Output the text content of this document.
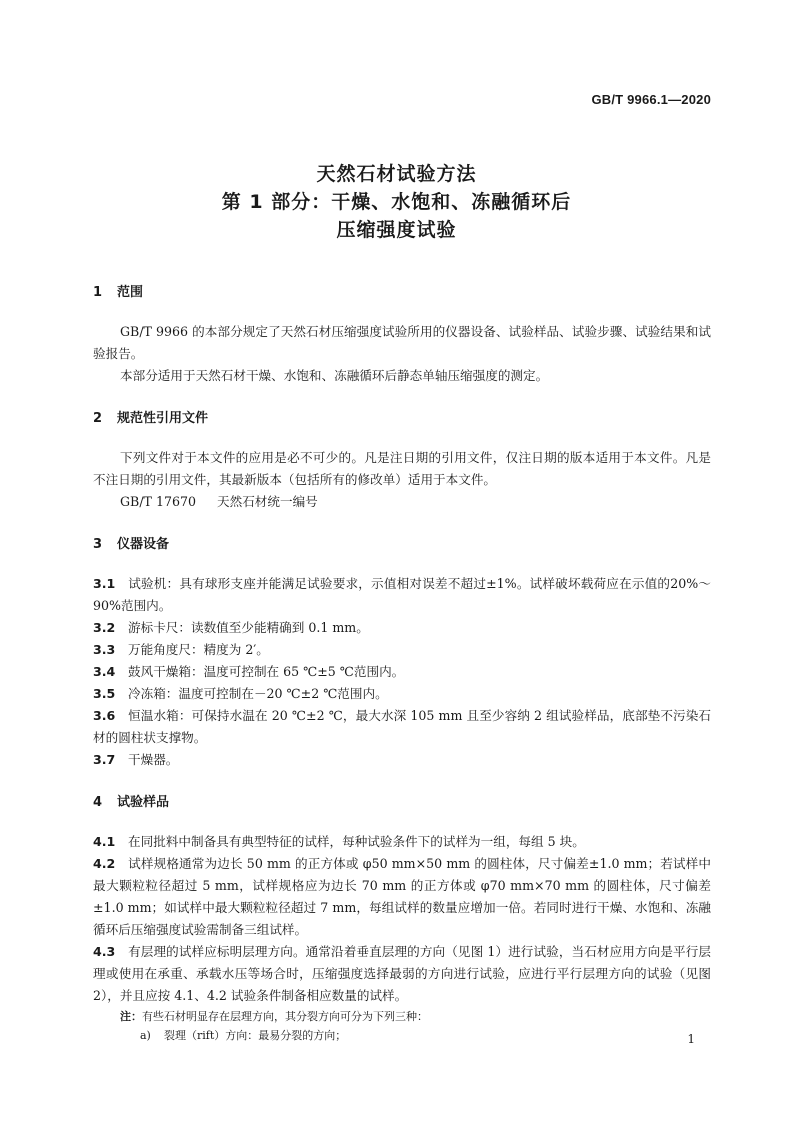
GB/T 9966.1—2020
天然石材试验方法
第 1 部分：干燥、水饱和、冻融循环后
压缩强度试验
1 范围
GB/T 9966 的本部分规定了天然石材压缩强度试验所用的仪器设备、试验样品、试验步骤、试验结果和试验报告。
本部分适用于天然石材干燥、水饱和、冻融循环后静态单轴压缩强度的测定。
2 规范性引用文件
下列文件对于本文件的应用是必不可少的。凡是注日期的引用文件，仅注日期的版本适用于本文件。凡是不注日期的引用文件，其最新版本（包括所有的修改单）适用于本文件。
GB/T 17670 天然石材统一编号
3 仪器设备
3.1 试验机：具有球形支座并能满足试验要求，示值相对误差不超过±1%。试样破坏载荷应在示值的20%～90%范围内。
3.2 游标卡尺：读数值至少能精确到 0.1 mm。
3.3 万能角度尺：精度为 2′。
3.4 鼓风干燥箱：温度可控制在 65 ℃±5 ℃范围内。
3.5 冷冻箱：温度可控制在－20 ℃±2 ℃范围内。
3.6 恒温水箱：可保持水温在 20 ℃±2 ℃，最大水深 105 mm 且至少容纳 2 组试验样品，底部垫不污染石材的圆柱状支撑物。
3.7 干燥器。
4 试验样品
4.1 在同批料中制备具有典型特征的试样，每种试验条件下的试样为一组，每组 5 块。
4.2 试样规格通常为边长 50 mm 的正方体或 φ50 mm×50 mm 的圆柱体，尺寸偏差±1.0 mm；若试样中最大颗粒粒径超过 5 mm，试样规格应为边长 70 mm 的正方体或 φ70 mm×70 mm 的圆柱体，尺寸偏差±1.0 mm；如试样中最大颗粒粒径超过 7 mm，每组试样的数量应增加一倍。若同时进行干燥、水饱和、冻融循环后压缩强度试验需制备三组试样。
4.3 有层理的试样应标明层理方向。通常沿着垂直层理的方向（见图 1）进行试验，当石材应用方向是平行层理或使用在承重、承载水压等场合时，压缩强度选择最弱的方向进行试验，应进行平行层理方向的试验（见图 2），并且应按 4.1、4.2 试验条件制备相应数量的试样。
注：有些石材明显存在层理方向，其分裂方向可分为下列三种：
a) 裂理（rift）方向：最易分裂的方向；	1
